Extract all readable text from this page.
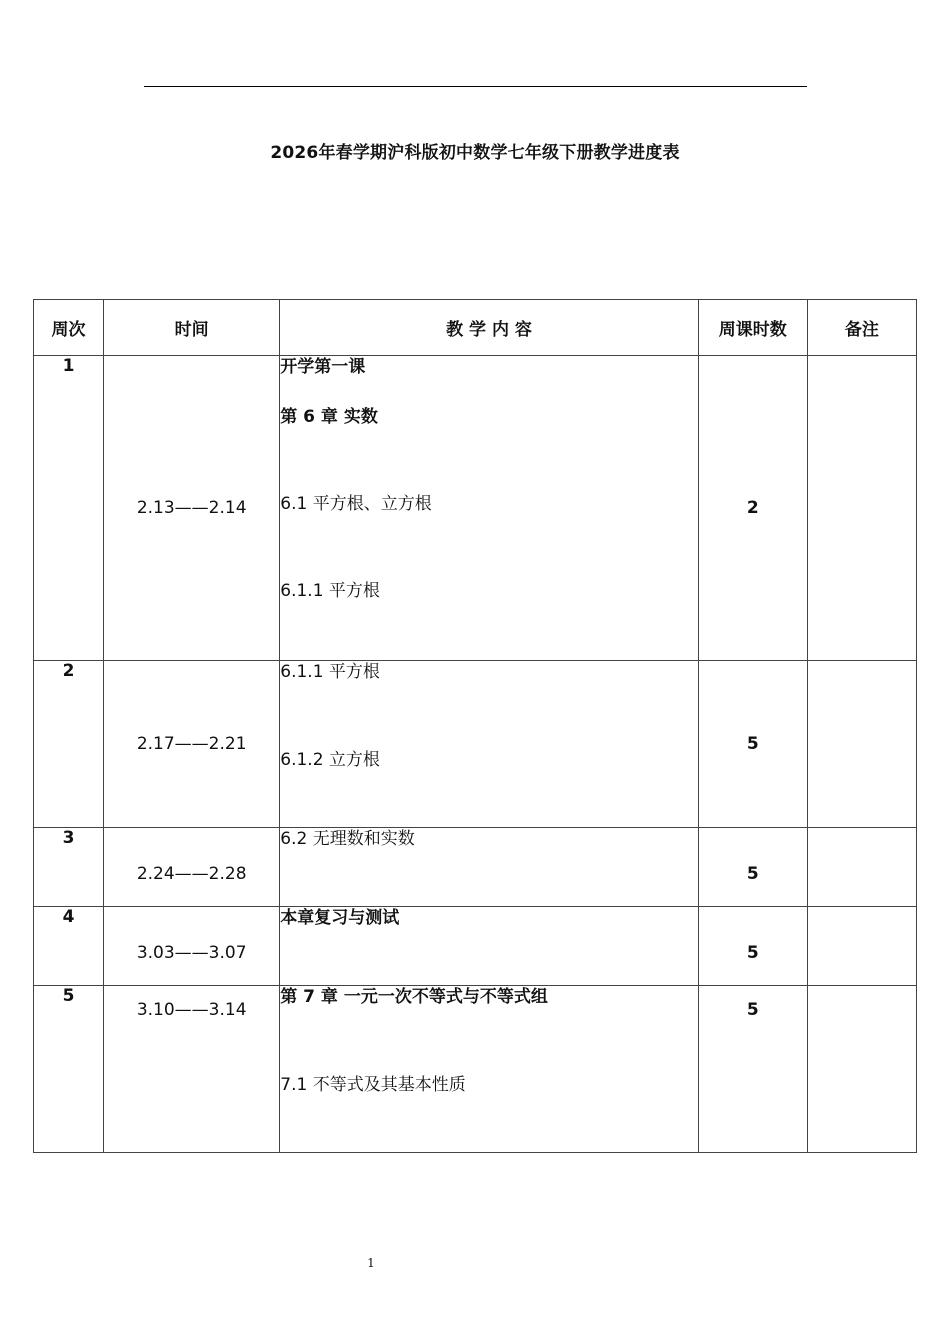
2026年春学期沪科版初中数学七年级下册教学进度表
周次	时间	教 学 内 容	周课时数	备注
1	2.13——2.14	开学第一课
第 6 章 实数
6.1 平方根、立方根
6.1.1 平方根	2	
2	2.17——2.21	6.1.1 平方根
6.1.2 立方根	5	
3	2.24——2.28	6.2 无理数和实数	5	
4	3.03——3.07	本章复习与测试	5	
5	3.10——3.14	第 7 章 一元一次不等式与不等式组
7.1 不等式及其基本性质	5	
1
